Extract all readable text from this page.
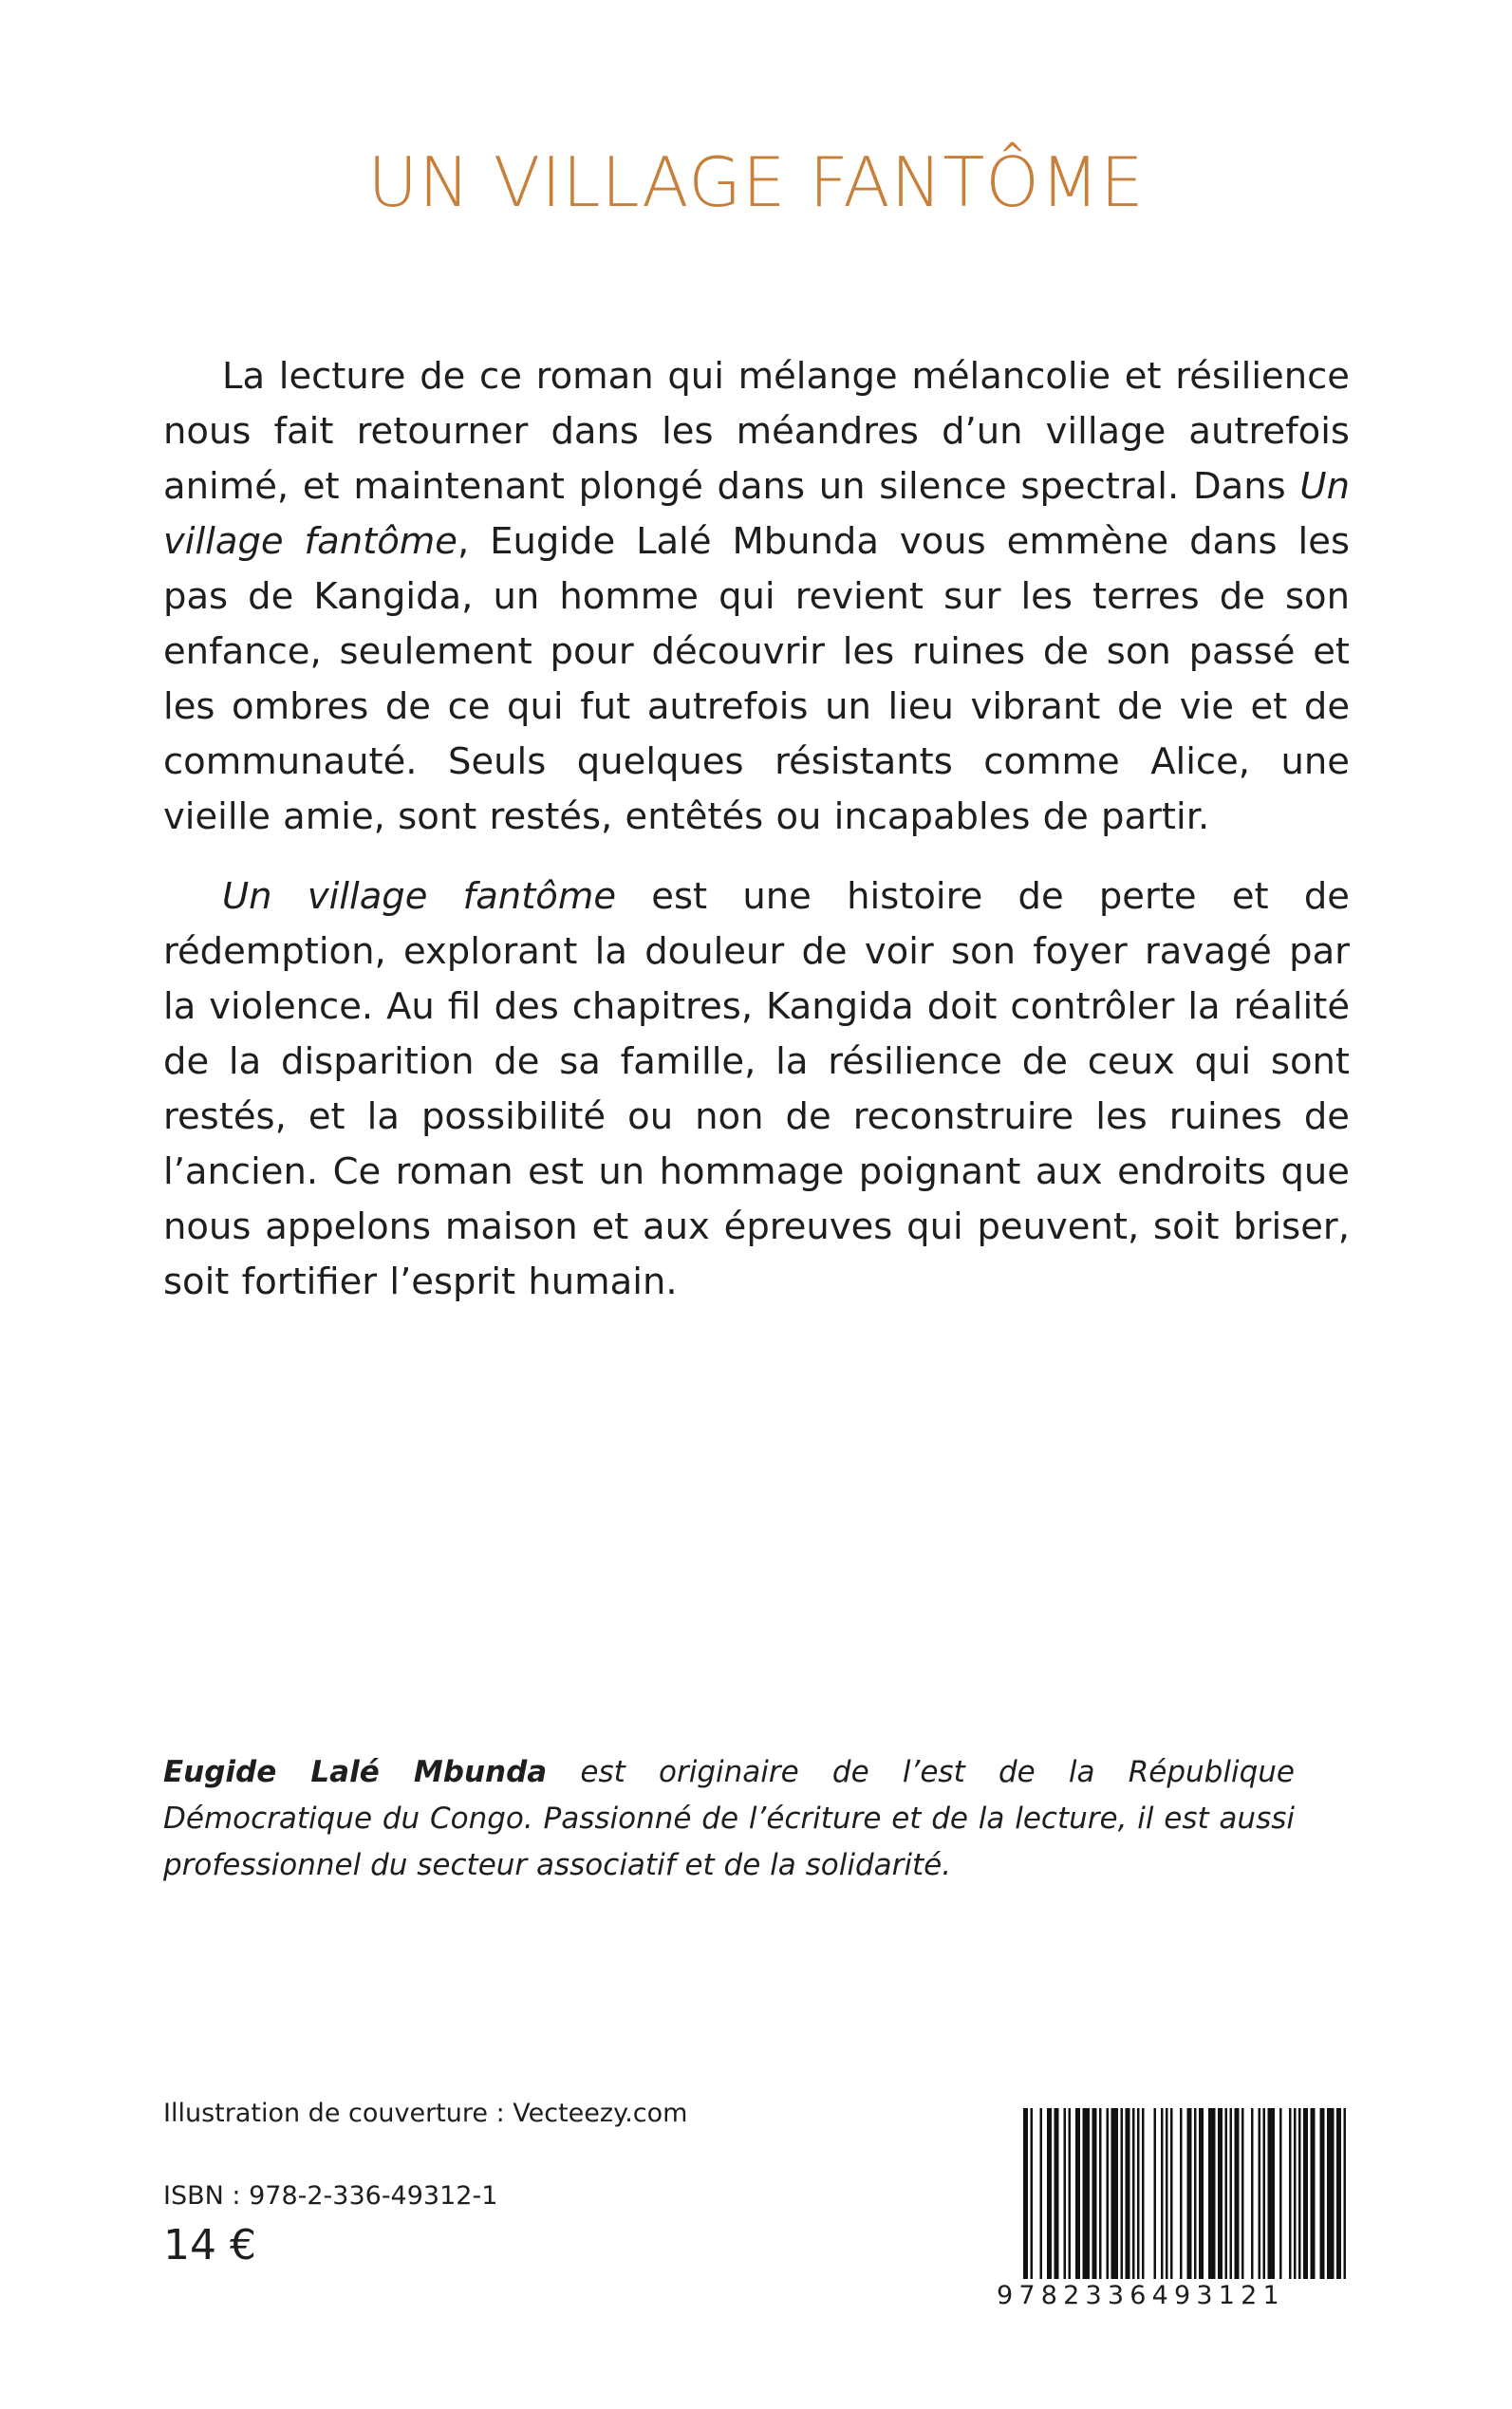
UN VILLAGE FANTÔME

La lecture de ce roman qui mélange mélancolie et résilience nous fait retourner dans les méandres d’un village autrefois animé, et maintenant plongé dans un silence spectral. Dans Un village fantôme, Eugide Lalé Mbunda vous emmène dans les pas de Kangida, un homme qui revient sur les terres de son enfance, seulement pour découvrir les ruines de son passé et les ombres de ce qui fut autrefois un lieu vibrant de vie et de communauté. Seuls quelques résistants comme Alice, une vieille amie, sont restés, entêtés ou incapables de partir.

Un village fantôme est une histoire de perte et de rédemption, explorant la douleur de voir son foyer ravagé par la violence. Au fil des chapitres, Kangida doit contrôler la réalité de la disparition de sa famille, la résilience de ceux qui sont restés, et la possibilité ou non de reconstruire les ruines de l’ancien. Ce roman est un hommage poignant aux endroits que nous appelons maison et aux épreuves qui peuvent, soit briser, soit fortifier l’esprit humain.

Eugide Lalé Mbunda est originaire de l’est de la République Démocratique du Congo. Passionné de l’écriture et de la lecture, il est aussi professionnel du secteur associatif et de la solidarité.

Illustration de couverture : Vecteezy.com

ISBN : 978-2-336-49312-1

14 €

9782336493121
